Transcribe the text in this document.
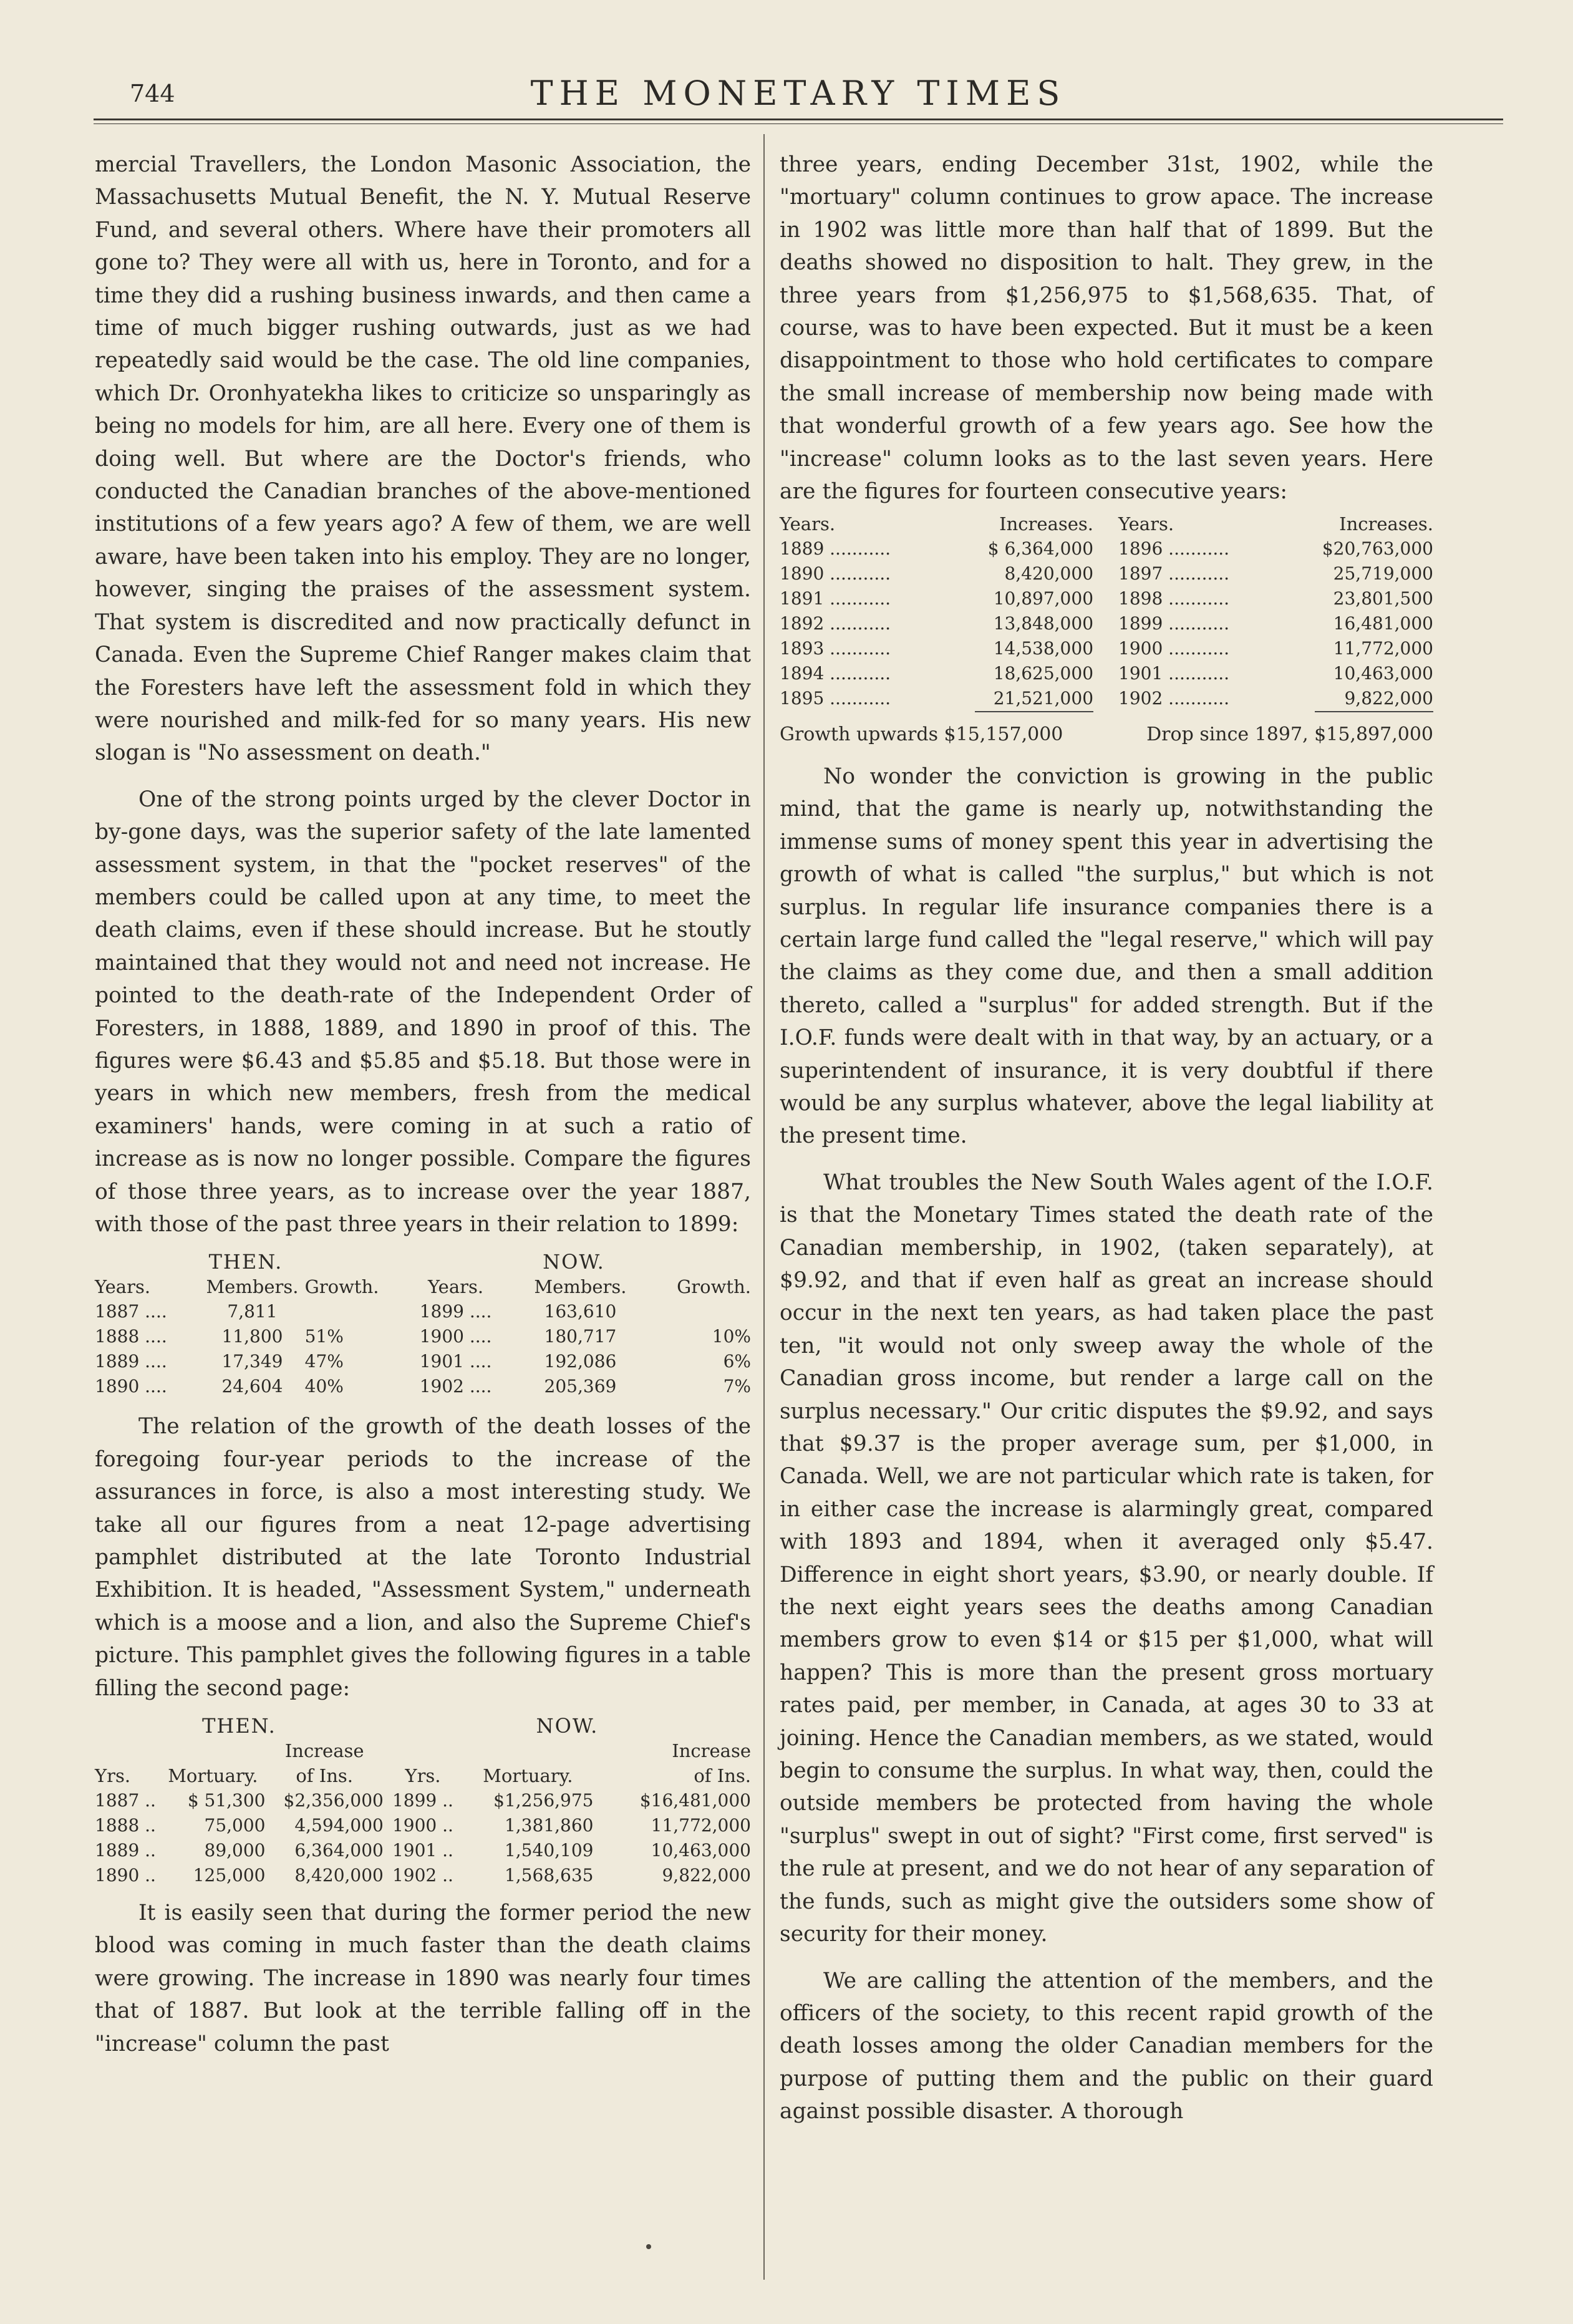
744	THE MONETARY TIMES

mercial Travellers, the London Masonic Association, the Massachusetts Mutual Benefit, the N. Y. Mutual Reserve Fund, and several others. Where have their promoters all gone to? They were all with us, here in Toronto, and for a time they did a rushing business inwards, and then came a time of much bigger rushing outwards, just as we had repeatedly said would be the case. The old line companies, which Dr. Oronhyatekha likes to criticize so unsparingly as being no models for him, are all here. Every one of them is doing well. But where are the Doctor's friends, who conducted the Canadian branches of the above-mentioned institutions of a few years ago? A few of them, we are well aware, have been taken into his employ. They are no longer, however, singing the praises of the assessment system. That system is discredited and now practically defunct in Canada. Even the Supreme Chief Ranger makes claim that the Foresters have left the assessment fold in which they were nourished and milk-fed for so many years. His new slogan is "No assessment on death."

One of the strong points urged by the clever Doctor in by-gone days, was the superior safety of the late lamented assessment system, in that the "pocket reserves" of the members could be called upon at any time, to meet the death claims, even if these should increase. But he stoutly maintained that they would not and need not increase. He pointed to the death-rate of the Independent Order of Foresters, in 1888, 1889, and 1890 in proof of this. The figures were $6.43 and $5.85 and $5.18. But those were in years in which new members, fresh from the medical examiners' hands, were coming in at such a ratio of increase as is now no longer possible. Compare the figures of those three years, as to increase over the year 1887, with those of the past three years in their relation to 1899:

THEN.			NOW.		
Years.	Members.	Growth.	Years.	Members.	Growth.
1887 ....	7,811		1899 ....	163,610	
1888 ....	11,800	51%	1900 ....	180,717	10%
1889 ....	17,349	47%	1901 ....	192,086	6%
1890 ....	24,604	40%	1902 ....	205,369	7%

The relation of the growth of the death losses of the foregoing four-year periods to the increase of the assurances in force, is also a most interesting study. We take all our figures from a neat 12-page advertising pamphlet distributed at the late Toronto Industrial Exhibition. It is headed, "Assessment System," underneath which is a moose and a lion, and also the Supreme Chief's picture. This pamphlet gives the following figures in a table filling the second page:

THEN.			NOW.		
		Increase			Increase
Yrs.	Mortuary.	of Ins.	Yrs.	Mortuary.	of Ins.
1887 ..	$ 51,300	$2,356,000	1899 ..	$1,256,975	$16,481,000
1888 ..	75,000	4,594,000	1900 ..	1,381,860	11,772,000
1889 ..	89,000	6,364,000	1901 ..	1,540,109	10,463,000
1890 ..	125,000	8,420,000	1902 ..	1,568,635	9,822,000

It is easily seen that during the former period the new blood was coming in much faster than the death claims were growing. The increase in 1890 was nearly four times that of 1887. But look at the terrible falling off in the "increase" column the past

three years, ending December 31st, 1902, while the "mortuary" column continues to grow apace. The increase in 1902 was little more than half that of 1899. But the deaths showed no disposition to halt. They grew, in the three years from $1,256,975 to $1,568,635. That, of course, was to have been expected. But it must be a keen disappointment to those who hold certificates to compare the small increase of membership now being made with that wonderful growth of a few years ago. See how the "increase" column looks as to the last seven years. Here are the figures for fourteen consecutive years:

Years.	Increases.	Years.	Increases.
1889 ...........	$ 6,364,000	1896 ...........	$20,763,000
1890 ...........	8,420,000	1897 ...........	25,719,000
1891 ...........	10,897,000	1898 ...........	23,801,500
1892 ...........	13,848,000	1899 ...........	16,481,000
1893 ...........	14,538,000	1900 ...........	11,772,000
1894 ...........	18,625,000	1901 ...........	10,463,000
1895 ...........	21,521,000	1902 ...........	9,822,000

Growth upwards $15,157,000	Drop since 1897, $15,897,000

No wonder the conviction is growing in the public mind, that the game is nearly up, notwithstanding the immense sums of money spent this year in advertising the growth of what is called "the surplus," but which is not surplus. In regular life insurance companies there is a certain large fund called the "legal reserve," which will pay the claims as they come due, and then a small addition thereto, called a "surplus" for added strength. But if the I.O.F. funds were dealt with in that way, by an actuary, or a superintendent of insurance, it is very doubtful if there would be any surplus whatever, above the legal liability at the present time.

What troubles the New South Wales agent of the I.O.F. is that the Monetary Times stated the death rate of the Canadian membership, in 1902, (taken separately), at $9.92, and that if even half as great an increase should occur in the next ten years, as had taken place the past ten, "it would not only sweep away the whole of the Canadian gross income, but render a large call on the surplus necessary." Our critic disputes the $9.92, and says that $9.37 is the proper average sum, per $1,000, in Canada. Well, we are not particular which rate is taken, for in either case the increase is alarmingly great, compared with 1893 and 1894, when it averaged only $5.47. Difference in eight short years, $3.90, or nearly double. If the next eight years sees the deaths among Canadian members grow to even $14 or $15 per $1,000, what will happen? This is more than the present gross mortuary rates paid, per member, in Canada, at ages 30 to 33 at joining. Hence the Canadian members, as we stated, would begin to consume the surplus. In what way, then, could the outside members be protected from having the whole "surplus" swept in out of sight? "First come, first served" is the rule at present, and we do not hear of any separation of the funds, such as might give the outsiders some show of security for their money.

We are calling the attention of the members, and the officers of the society, to this recent rapid growth of the death losses among the older Canadian members for the purpose of putting them and the public on their guard against possible disaster. A thorough
